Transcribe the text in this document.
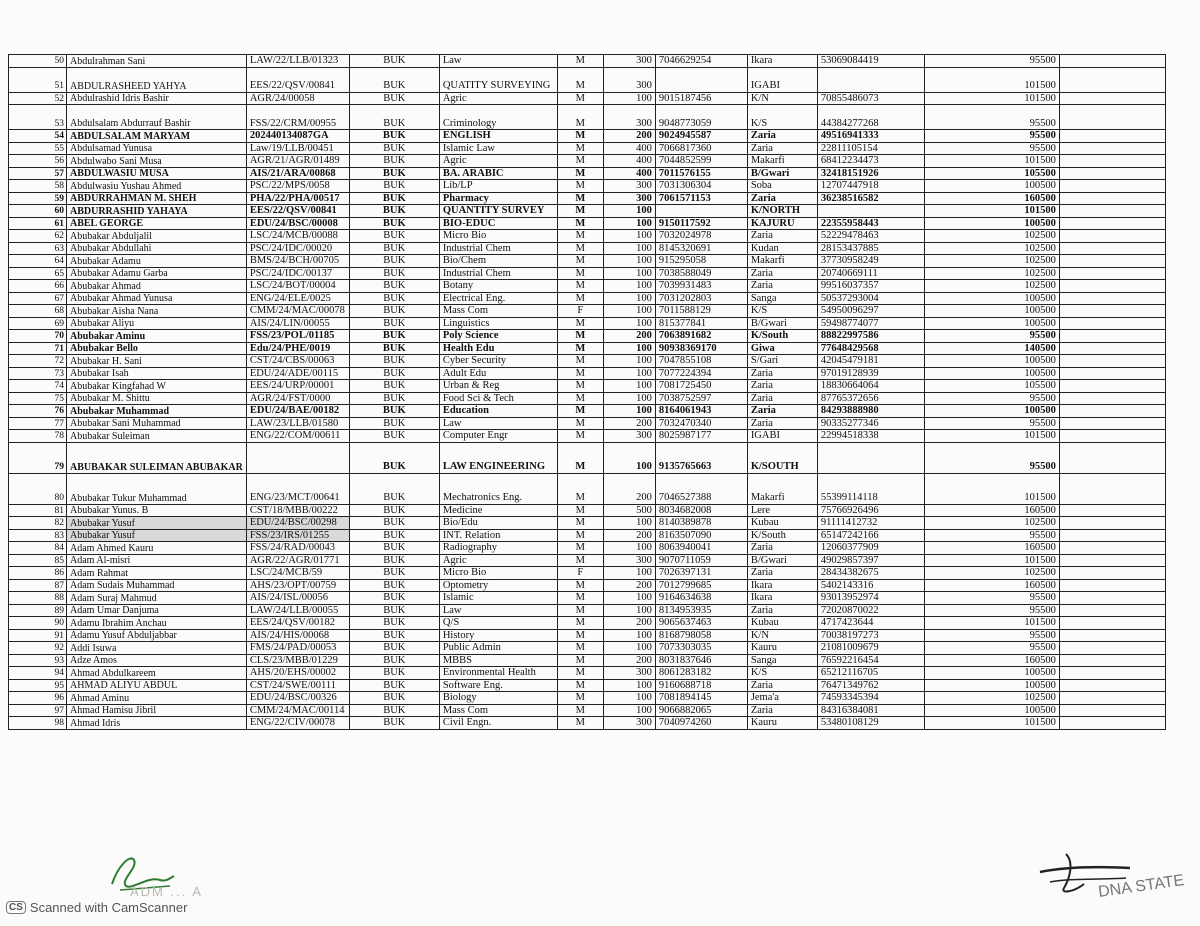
50	Abdulrahman Sani	LAW/22/LLB/01323	BUK	Law	M	300	7046629254	Ikara	53069084419	95500	
51	ABDULRASHEED YAHYA	EES/22/QSV/00841	BUK	QUATITY SURVEYING	M	300		IGABI		101500	
52	Abdulrashid Idris Bashir	AGR/24/00058	BUK	Agric	M	100	9015187456	K/N	70855486073	101500	
53	Abdulsalam Abdurrauf Bashir	FSS/22/CRM/00955	BUK	Criminology	M	300	9048773059	K/S	44384277268	95500	
54	ABDULSALAM MARYAM	202440134087GA	BUK	ENGLISH	M	200	9024945587	Zaria	49516941333	95500	
55	Abdulsamad Yunusa	Law/19/LLB/00451	BUK	Islamic Law	M	400	7066817360	Zaria	22811105154	95500	
56	Abdulwabo Sani Musa	AGR/21/AGR/01489	BUK	Agric	M	400	7044852599	Makarfi	68412234473	101500	
57	ABDULWASIU MUSA	AIS/21/ARA/00868	BUK	BA. ARABIC	M	400	7011576155	B/Gwari	32418151926	105500	
58	Abdulwasiu Yushau Ahmed	PSC/22/MPS/0058	BUK	Lib/LP	M	300	7031306304	Soba	12707447918	100500	
59	ABDURRAHMAN M. SHEH	PHA/22/PHA/00517	BUK	Pharmacy	M	300	7061571153	Zaria	36238516582	160500	
60	ABDURRASHID YAHAYA	EES/22/QSV/00841	BUK	QUANTITY SURVEY	M	100		K/NORTH		101500	
61	ABEL GEORGE	EDU/24/BSC/00008	BUK	BIO-EDUC	M	100	9150117592	KAJURU	22355958443	100500	
62	Abubakar Abduljalil	LSC/24/MCB/00088	BUK	Micro Bio	M	100	7032024978	Zaria	52229478463	102500	
63	Abubakar Abdullahi	PSC/24/IDC/00020	BUK	Industrial Chem	M	100	8145320691	Kudan	28153437885	102500	
64	Abubakar Adamu	BMS/24/BCH/00705	BUK	Bio/Chem	M	100	915295058	Makarfi	37730958249	102500	
65	Abubakar Adamu Garba	PSC/24/IDC/00137	BUK	Industrial Chem	M	100	7038588049	Zaria	20740669111	102500	
66	Abubakar Ahmad	LSC/24/BOT/00004	BUK	Botany	M	100	7039931483	Zaria	99516037357	102500	
67	Abubakar Ahmad Yunusa	ENG/24/ELE/0025	BUK	Electrical Eng.	M	100	7031202803	Sanga	50537293004	100500	
68	Abubakar Aisha Nana	CMM/24/MAC/00078	BUK	Mass Com	F	100	7011588129	K/S	54950096297	100500	
69	Abubakar Aliyu	AIS/24/LIN/00055	BUK	Linguistics	M	100	815377841	B/Gwari	59498774077	100500	
70	Abubakar Aminu	FSS/23/POL/01185	BUK	Poly Science	M	200	7063891682	K/South	88822997586	95500	
71	Abubakar Bello	Edu/24/PHE/0019	BUK	Health Edu	M	100	90938369170	Giwa	77648429568	140500	
72	Abubakar H. Sani	CST/24/CBS/00063	BUK	Cyber Security	M	100	7047855108	S/Gari	42045479181	100500	
73	Abubakar Isah	EDU/24/ADE/00115	BUK	Adult Edu	M	100	7077224394	Zaria	97019128939	100500	
74	Abubakar Kingfahad W	EES/24/URP/00001	BUK	Urban & Reg	M	100	7081725450	Zaria	18830664064	105500	
75	Abubakar M. Shittu	AGR/24/FST/0000	BUK	Food Sci & Tech	M	100	7038752597	Zaria	87765372656	95500	
76	Abubakar Muhammad	EDU/24/BAE/00182	BUK	Education	M	100	8164061943	Zaria	84293888980	100500	
77	Abubakar Sani Muhammad	LAW/23/LLB/01580	BUK	Law	M	200	7032470340	Zaria	90335277346	95500	
78	Abubakar Suleiman	ENG/22/COM/00611	BUK	Computer Engr	M	300	8025987177	IGABI	22994518338	101500	
79	ABUBAKAR SULEIMAN ABUBAKAR		BUK	LAW ENGINEERING	M	100	9135765663	K/SOUTH		95500	
80	Abubakar Tukur Muhammad	ENG/23/MCT/00641	BUK	Mechatronics Eng.	M	200	7046527388	Makarfi	55399114118	101500	
81	Abubakar Yunus. B	CST/18/MBB/00222	BUK	Medicine	M	500	8034682008	Lere	75766926496	160500	
82	Abubakar Yusuf	EDU/24/BSC/00298	BUK	Bio/Edu	M	100	8140389878	Kubau	91111412732	102500	
83	Abubakar Yusuf	FSS/23/IRS/01255	BUK	INT. Relation	M	200	8163507090	K/South	65147242166	95500	
84	Adam Ahmed Kauru	FSS/24/RAD/00043	BUK	Radiography	M	100	8063940041	Zaria	12060377909	160500	
85	Adam Al-misri	AGR/22/AGR/01771	BUK	Agric	M	300	9070711059	B/Gwari	49029857397	101500	
86	Adam Rahmat	LSC/24/MCB/59	BUK	Micro Bio	F	100	7026397131	Zaria	28434382675	102500	
87	Adam Sudais Muhammad	AHS/23/OPT/00759	BUK	Optometry	M	200	7012799685	Ikara	5402143316	160500	
88	Adam Suraj Mahmud	AIS/24/ISL/00056	BUK	Islamic	M	100	9164634638	Ikara	93013952974	95500	
89	Adam Umar Danjuma	LAW/24/LLB/00055	BUK	Law	M	100	8134953935	Zaria	72020870022	95500	
90	Adamu Ibrahim Anchau	EES/24/QSV/00182	BUK	Q/S	M	200	9065637463	Kubau	4717423644	101500	
91	Adamu Yusuf Abduljabbar	AIS/24/HIS/00068	BUK	History	M	100	8168798058	K/N	70038197273	95500	
92	Addi Isuwa	FMS/24/PAD/00053	BUK	Public Admin	M	100	7073303035	Kauru	21081009679	95500	
93	Adze Amos	CLS/23/MBB/01229	BUK	MBBS	M	200	8031837646	Sanga	76592216454	160500	
94	Ahmad Abdulkareem	AHS/20/EHS/00002	BUK	Environmental Health	M	300	8061283182	K/S	65212116705	100500	
95	AHMAD ALIYU ABDUL	CST/24/SWE/00111	BUK	Software Eng.	M	100	9160688718	Zaria	76471349762	100500	
96	Ahmad Aminu	EDU/24/BSC/00326	BUK	Biology	M	100	7081894145	Jema'a	74593345394	102500	
97	Ahmad Hamisu Jibril	CMM/24/MAC/00114	BUK	Mass Com	M	100	9066882065	Zaria	84316384081	100500	
98	Ahmad Idris	ENG/22/CIV/00078	BUK	Civil Engn.	M	300	7040974260	Kauru	53480108129	101500	
ADM ... A	DNA STATE
CS Scanned with CamScanner
